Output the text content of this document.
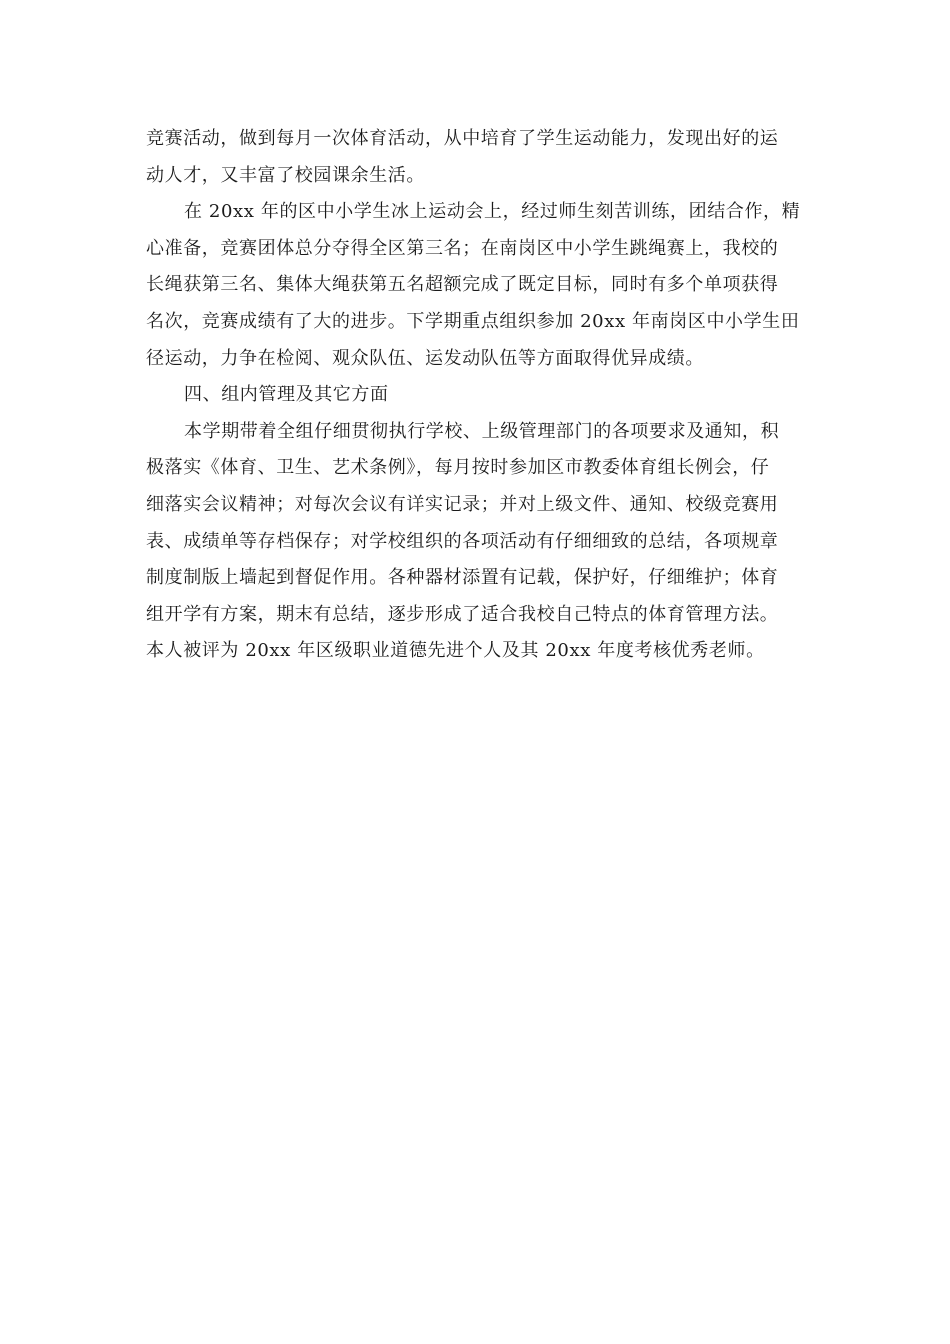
竞赛活动，做到每月一次体育活动，从中培育了学生运动能力，发现出好的运
动人才，又丰富了校园课余生活。
在 20xx 年的区中小学生冰上运动会上，经过师生刻苦训练，团结合作，精
心准备，竞赛团体总分夺得全区第三名；在南岗区中小学生跳绳赛上，我校的
长绳获第三名、集体大绳获第五名超额完成了既定目标，同时有多个单项获得
名次，竞赛成绩有了大的进步。下学期重点组织参加 20xx 年南岗区中小学生田
径运动，力争在检阅、观众队伍、运发动队伍等方面取得优异成绩。
四、组内管理及其它方面
本学期带着全组仔细贯彻执行学校、上级管理部门的各项要求及通知，积
极落实《体育、卫生、艺术条例》，每月按时参加区市教委体育组长例会，仔
细落实会议精神；对每次会议有详实记录；并对上级文件、通知、校级竞赛用
表、成绩单等存档保存；对学校组织的各项活动有仔细细致的总结，各项规章
制度制版上墙起到督促作用。各种器材添置有记载，保护好，仔细维护；体育
组开学有方案，期末有总结，逐步形成了适合我校自己特点的体育管理方法。
本人被评为 20xx 年区级职业道德先进个人及其 20xx 年度考核优秀老师。
